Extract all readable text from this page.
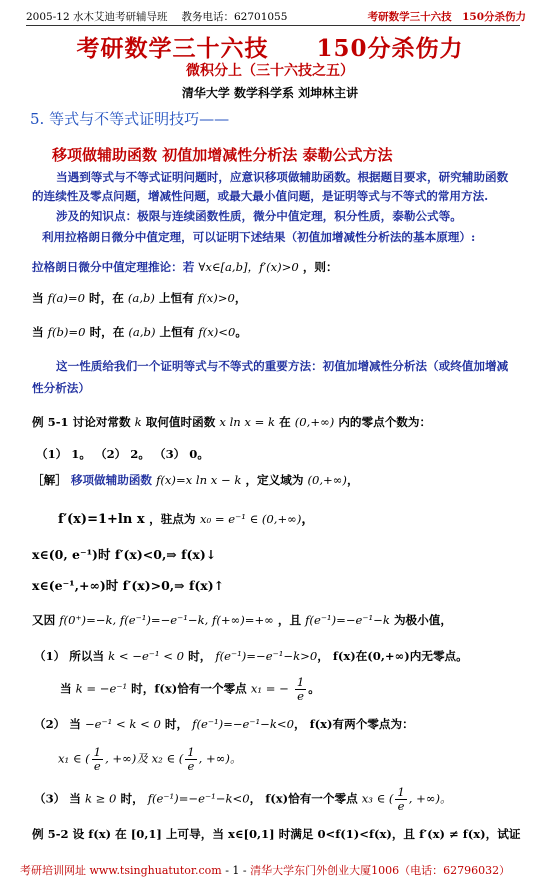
2005-12 水木艾迪考研辅导班 教务电话：62701055	考研数学三十六技　150分杀伤力
考研数学三十六技　　150分杀伤力
微积分上（三十六技之五）
清华大学 数学科学系 刘坤林主讲
5. 等式与不等式证明技巧——
移项做辅助函数 初值加增减性分析法 泰勒公式方法
当遇到等式与不等式证明问题时，应意识移项做辅助函数。根据题目要求，研究辅助函数的连续性及零点问题，增减性问题，或最大最小值问题，是证明等式与不等式的常用方法.
涉及的知识点：极限与连续函数性质，微分中值定理，积分性质，泰勒公式等。
利用拉格朗日微分中值定理，可以证明下述结果（初值加增减性分析法的基本原理）:
拉格朗日微分中值定理推论：若 ∀x∈[a,b]，f′(x)>0 ，则：
当 f(a)=0 时，在 (a,b) 上恒有 f(x)>0，
当 f(b)=0 时，在 (a,b) 上恒有 f(x)<0。
这一性质给我们一个证明等式与不等式的重要方法：初值加增减性分析法（或终值加增减性分析法）
例 5-1 讨论对常数 k 取何值时函数 x ln x = k 在 (0,+∞) 内的零点个数为：
（1） 1。 （2） 2。 （3） 0。
［解］ 移项做辅助函数 f(x)=x ln x − k ，定义域为 (0,+∞)，
f′(x)=1+ln x ，驻点为 x₀ = e⁻¹ ∈ (0,+∞)，
x∈(0, e⁻¹)时 f′(x)<0,⇒ f(x)↓
x∈(e⁻¹,+∞)时 f′(x)>0,⇒ f(x)↑
又因 f(0⁺)=−k, f(e⁻¹)=−e⁻¹−k, f(+∞)=+∞ ，且 f(e⁻¹)=−e⁻¹−k 为极小值，
（1） 所以当 k < −e⁻¹ < 0 时， f(e⁻¹)=−e⁻¹−k>0， f(x)在(0,+∞)内无零点。
当 k = −e⁻¹ 时，f(x)恰有一个零点 x₁ = − $\frac{1}{e}$ 。
（2） 当 −e⁻¹ < k < 0 时， f(e⁻¹)=−e⁻¹−k<0， f(x)有两个零点为：
x₁ ∈ ( $\frac{1}{e}$ , +∞)及 x₂ ∈ ( $\frac{1}{e}$ , +∞)。
（3） 当 k ≥ 0 时， f(e⁻¹)=−e⁻¹−k<0， f(x)恰有一个零点 x₃ ∈ ( $\frac{1}{e}$ , +∞)。
例 5-2 设 f(x) 在 [0,1] 上可导，当 x∈[0,1] 时满足 0<f(1)<f(x)，且 f′(x) ≠ f(x)，试证
考研培训网址 www.tsinghuatutor.com - 1 - 清华大学东门外创业大厦1006（电话：62796032）
